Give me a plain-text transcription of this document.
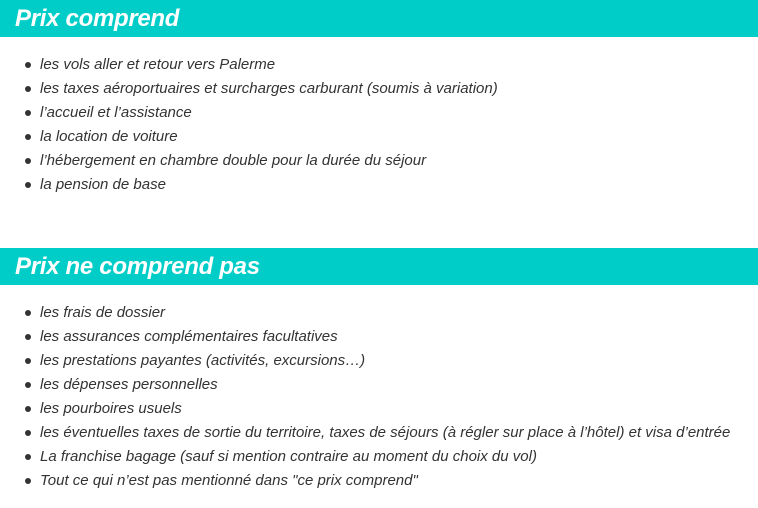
Prix comprend
les vols aller et retour vers Palerme
les taxes aéroportuaires et surcharges carburant (soumis à variation)
l’accueil et l’assistance
la location de voiture
l’hébergement en chambre double pour la durée du séjour
la pension de base
Prix ne comprend pas
les frais de dossier
les assurances complémentaires facultatives
les prestations payantes (activités, excursions…)
les dépenses personnelles
les pourboires usuels
les éventuelles taxes de sortie du territoire, taxes de séjours (à régler sur place à l’hôtel) et visa d’entrée
La franchise bagage (sauf si mention contraire au moment du choix du vol)
Tout ce qui n’est pas mentionné dans "ce prix comprend"
